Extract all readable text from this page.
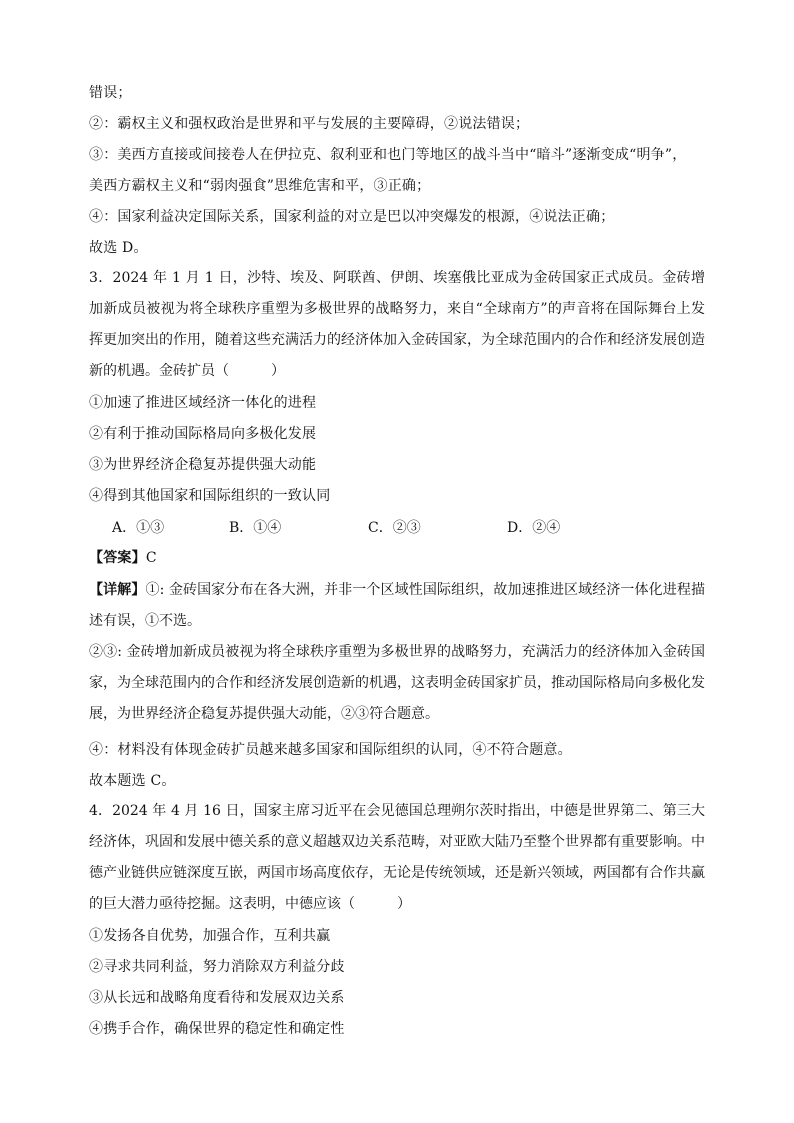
错误；
②：霸权主义和强权政治是世界和平与发展的主要障碍，②说法错误；
③：美西方直接或间接卷人在伊拉克、叙利亚和也门等地区的战斗当中“暗斗”逐渐变成“明争”，
美西方霸权主义和“弱肉强食”思维危害和平，③正确；
④：国家利益决定国际关系，国家利益的对立是巴以冲突爆发的根源，④说法正确；
故选 D。
3．2024 年 1 月 1 日，沙特、埃及、阿联酋、伊朗、埃塞俄比亚成为金砖国家正式成员。金砖增加新成员被视为将全球秩序重塑为多极世界的战略努力，来自“全球南方”的声音将在国际舞台上发挥更加突出的作用，随着这些充满活力的经济体加入金砖国家，为全球范围内的合作和经济发展创造新的机遇。金砖扩员（　　　）
①加速了推进区域经济一体化的进程
②有利于推动国际格局向多极化发展
③为世界经济企稳复苏提供强大动能
④得到其他国家和国际组织的一致认同
A．①③	B．①④	C．②③	D．②④
【答案】C
【详解】①: 金砖国家分布在各大洲，并非一个区域性国际组织，故加速推进区域经济一体化进程描述有误，①不选。
②③: 金砖增加新成员被视为将全球秩序重塑为多极世界的战略努力，充满活力的经济体加入金砖国家，为全球范围内的合作和经济发展创造新的机遇，这表明金砖国家扩员，推动国际格局向多极化发展，为世界经济企稳复苏提供强大动能，②③符合题意。
④：材料没有体现金砖扩员越来越多国家和国际组织的认同，④不符合题意。
故本题选 C。
4．2024 年 4 月 16 日，国家主席习近平在会见德国总理朔尔茨时指出，中德是世界第二、第三大经济体，巩固和发展中德关系的意义超越双边关系范畴，对亚欧大陆乃至整个世界都有重要影响。中德产业链供应链深度互嵌，两国市场高度依存，无论是传统领域，还是新兴领域，两国都有合作共赢的巨大潜力亟待挖掘。这表明，中德应该（　　　）
①发扬各自优势，加强合作，互利共赢
②寻求共同利益，努力消除双方利益分歧
③从长远和战略角度看待和发展双边关系
④携手合作，确保世界的稳定性和确定性
